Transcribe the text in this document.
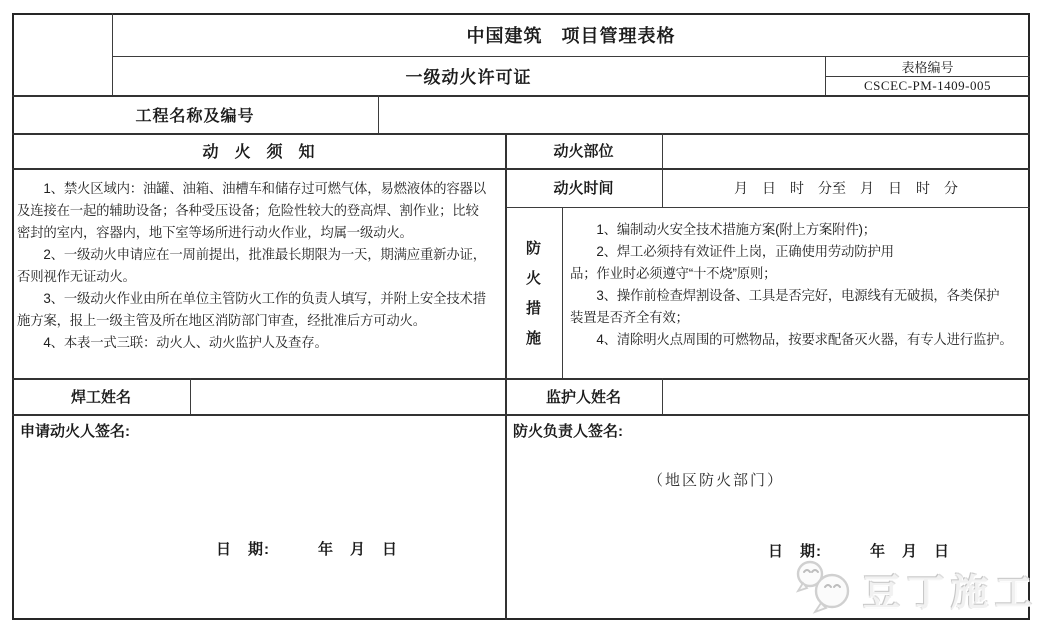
中国建筑　项目管理表格
一级动火许可证
表格编号
CSCEC-PM-1409-005
工程名称及编号
动　火　须　知	动火部位
动火时间	月　日　时　分至　月　日　时　分
　　1、禁火区域内：油罐、油箱、油槽车和储存过可燃气体，易燃液体的容器以
及连接在一起的辅助设备；各种受压设备；危险性较大的登高焊、割作业；比较
密封的室内，容器内，地下室等场所进行动火作业，均属一级动火。
　　2、一级动火申请应在一周前提出，批准最长期限为一天，期满应重新办证，
否则视作无证动火。
　　3、一级动火作业由所在单位主管防火工作的负责人填写，并附上安全技术措
施方案，报上一级主管及所在地区消防部门审查，经批准后方可动火。
　　4、本表一式三联：动火人、动火监护人及查存。
防
火
措
施
　　1、编制动火安全技术措施方案(附上方案附件)；
　　2、焊工必须持有效证件上岗，正确使用劳动防护用
品；作业时必须遵守“十不烧”原则；
　　3、操作前检查焊割设备、工具是否完好，电源线有无破损，各类保护
装置是否齐全有效；
　　4、清除明火点周围的可燃物品，按要求配备灭火器，有专人进行监护。
焊工姓名	监护人姓名
申请动火人签名:	防火负责人签名:
（地区防火部门）
日　期:　　　年　月　日	日　期:　　　年　月　日
豆丁施工
